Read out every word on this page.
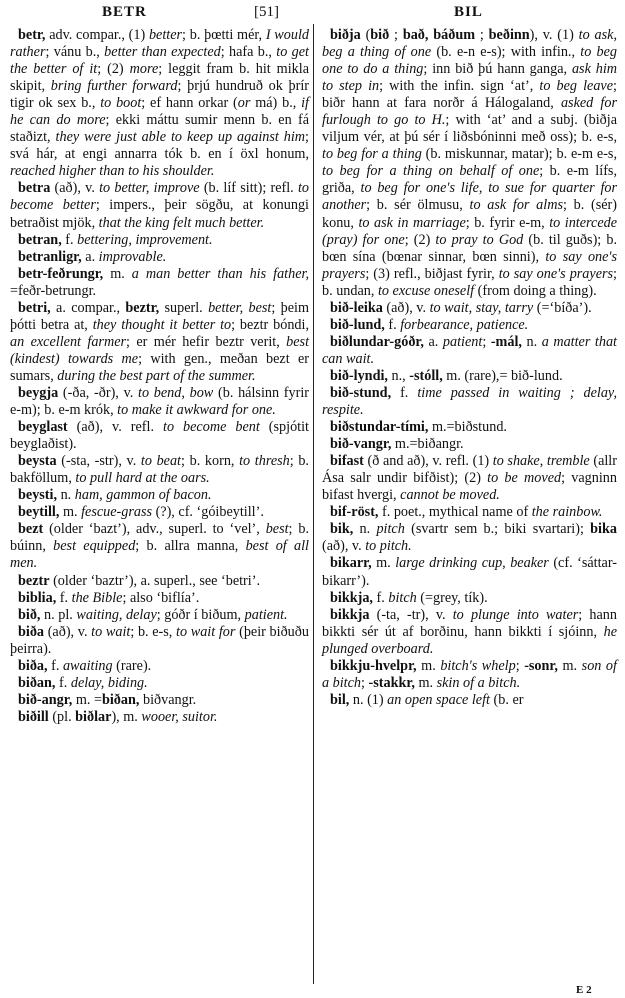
BETR	[51]	BIL

betr, adv. compar., (1) better; b. þœtti mér, I would rather; vánu b., better than expected; hafa b., to get the better of it; (2) more; leggit fram b. hit mikla skipit, bring further forward; þrjú hundruð ok þrír tigir ok sex b., to boot; ef hann orkar (or má) b., if he can do more; ekki máttu sumir menn b. en fá staðizt, they were just able to keep up against him; svá hár, at engi annarra tók b. en í öxl honum, reached higher than to his shoulder.

betra (að), v. to better, improve (b. líf sitt); refl. to become better; impers., þeir sögðu, at konungi betraðist mjök, that the king felt much better.

betran, f. bettering, improvement.

betranligr, a. improvable.

betr-feðrungr, m. a man better than his father, =feðr-betrungr.

betri, a. compar., beztr, superl. better, best; þeim þótti betra at, they thought it better to; beztr bóndi, an excellent farmer; er mér hefir beztr verit, best (kindest) towards me; with gen., meðan bezt er sumars, during the best part of the summer.

beygja (-ða, -ðr), v. to bend, bow (b. hálsinn fyrir e-m); b. e-m krók, to make it awkward for one.

beyglast (að), v. refl. to become bent (spjótit beyglaðist).

beysta (-sta, -str), v. to beat; b. korn, to thresh; b. bakföllum, to pull hard at the oars.

beysti, n. ham, gammon of bacon.

beytill, m. fescue-grass (?), cf. ‘góibeytill’.

bezt (older ‘bazt’), adv., superl. to ‘vel’, best; b. búinn, best equipped; b. allra manna, best of all men.

beztr (older ‘baztr’), a. superl., see ‘betri’.

biblia, f. the Bible; also ‘biflía’.

bið, n. pl. waiting, delay; góðr í biðum, patient.

biða (að), v. to wait; b. e-s, to wait for (þeir biðuðu þeirra).

biða, f. awaiting (rare).

biðan, f. delay, biding.

bið-angr, m. =biðan, biðvangr.

biðill (pl. biðlar), m. wooer, suitor.

biðja (bið ; bað, báðum ; beðinn), v. (1) to ask, beg a thing of one (b. e-n e-s); with infin., to beg one to do a thing; inn bið þú hann ganga, ask him to step in; with the infin. sign ‘at’, to beg leave; biðr hann at fara norðr á Hálogaland, asked for furlough to go to H.; with ‘at’ and a subj. (biðja viljum vér, at þú sér í liðsbóninni með oss); b. e-s, to beg for a thing (b. miskunnar, matar); b. e-m e-s, to beg for a thing on behalf of one; b. e-m lífs, griða, to beg for one's life, to sue for quarter for another; b. sér ölmusu, to ask for alms; b. (sér) konu, to ask in marriage; b. fyrir e-m, to intercede (pray) for one; (2) to pray to God (b. til guðs); b. bœn sína (bœnar sinnar, bœn sinni), to say one's prayers; (3) refl., biðjast fyrir, to say one's prayers; b. undan, to excuse oneself (from doing a thing).

bið-leika (að), v. to wait, stay, tarry (=‘bíða’).

bið-lund, f. forbearance, patience.

biðlundar-góðr, a. patient; -mál, n. a matter that can wait.

bið-lyndi, n., -stóll, m. (rare),= bið-lund.

bið-stund, f. time passed in waiting ; delay, respite.

biðstundar-tími, m.=biðstund.

bið-vangr, m.=biðangr.

bifast (ð and að), v. refl. (1) to shake, tremble (allr Ása salr undir bifðist); (2) to be moved; vagninn bifast hvergi, cannot be moved.

bif-röst, f. poet., mythical name of the rainbow.

bik, n. pitch (svartr sem b.; biki svartari); bika (að), v. to pitch.

bikarr, m. large drinking cup, beaker (cf. ‘sáttar-bikarr’).

bikkja, f. bitch (=grey, tík).

bikkja (-ta, -tr), v. to plunge into water; hann bikkti sér út af borðinu, hann bikkti í sjóinn, he plunged overboard.

bikkju-hvelpr, m. bitch's whelp; -sonr, m. son of a bitch; -stakkr, m. skin of a bitch.

bil, n. (1) an open space left (b. er

E 2
